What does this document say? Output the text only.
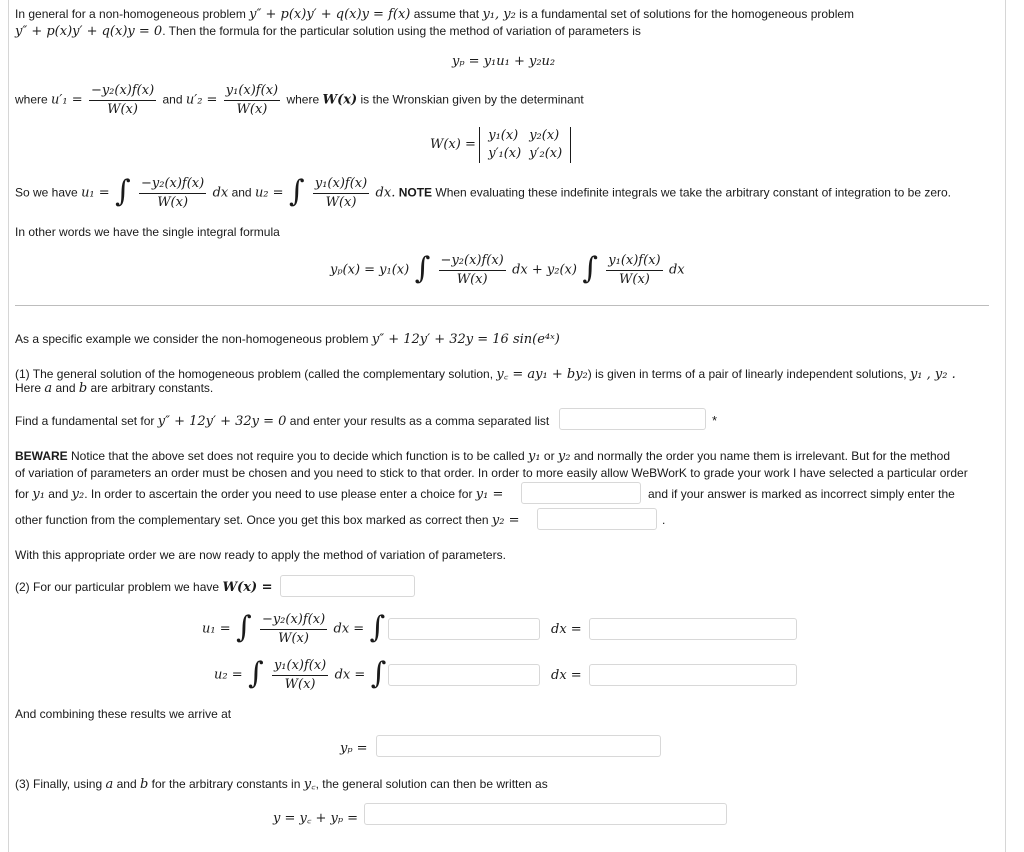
In general for a non-homogeneous problem y″ + p(x)y′ + q(x)y = f(x) assume that y₁, y₂ is a fundamental set of solutions for the homogeneous problem
y″ + p(x)y′ + q(x)y = 0. Then the formula for the particular solution using the method of variation of parameters is
yₚ = y₁u₁ + y₂u₂
where $u'_1 = \frac{\text{−y₂(x)f(x)}}{W(x)}$ and $u'_2 = \frac{\text{y₁(x)f(x)}}{W(x)}$ where W(x) is the Wronskian given by the determinant
W(x) =
y₁(x)	y₂(x)
y′₁(x)	y′₂(x)
So we have u₁ = ∫ $\frac{\text{−y₂(x)f(x)}}{W(x)}$ dx and u₂ = ∫ $\frac{\text{y₁(x)f(x)}}{W(x)}$ dx. NOTE When evaluating these indefinite integrals we take the arbitrary constant of integration to be zero.
In other words we have the single integral formula
yₚ(x) = y₁(x) ∫ $\frac{\text{−y₂(x)f(x)}}{W(x)}$ dx + y₂(x) ∫ $\frac{\text{y₁(x)f(x)}}{W(x)}$ dx
As a specific example we consider the non-homogeneous problem y″ + 12y′ + 32y = 16 sin(e⁴ˣ)
(1) The general solution of the homogeneous problem (called the complementary solution, y꜀ = ay₁ + by₂) is given in terms of a pair of linearly independent solutions, y₁ , y₂ .
Here a and b are arbitrary constants.
Find a fundamental set for y″ + 12y′ + 32y = 0 and enter your results as a comma separated list	*
BEWARE Notice that the above set does not require you to decide which function is to be called y₁ or y₂ and normally the order you name them is irrelevant. But for the method
of variation of parameters an order must be chosen and you need to stick to that order. In order to more easily allow WeBWorK to grade your work I have selected a particular order
for y₁ and y₂. In order to ascertain the order you need to use please enter a choice for y₁ =	and if your answer is marked as incorrect simply enter the
other function from the complementary set. Once you get this box marked as correct then y₂ =	.
With this appropriate order we are now ready to apply the method of variation of parameters.
(2) For our particular problem we have W(x) =
u₁ = ∫ $\frac{\text{−y₂(x)f(x)}}{W(x)}$ dx = ∫	dx =
u₂ = ∫ $\frac{\text{y₁(x)f(x)}}{W(x)}$ dx = ∫	dx =
And combining these results we arrive at
yₚ =
(3) Finally, using a and b for the arbitrary constants in y꜀, the general solution can then be written as
y = y꜀ + yₚ =
